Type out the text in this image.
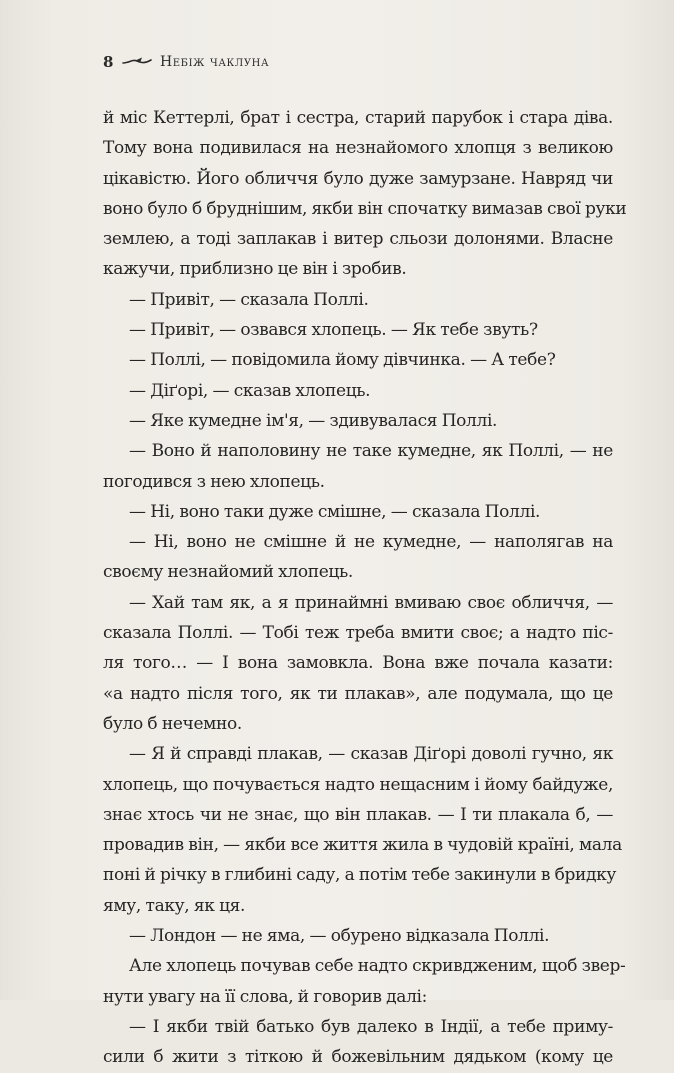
8	Небіж чаклуна
й міс Кеттерлі, брат і сестра, старий парубок і стара діва.
Тому вона подивилася на незнайомого хлопця з великою
цікавістю. Його обличчя було дуже замурзане. Навряд чи
воно було б бруднішим, якби він спочатку вимазав свої руки
землею, а тоді заплакав і витер сльози долонями. Власне
кажучи, приблизно це він і зробив.
— Привіт, — сказала Поллі.
— Привіт, — озвався хлопець. — Як тебе звуть?
— Поллі, — повідомила йому дівчинка. — А тебе?
— Діґорі, — сказав хлопець.
— Яке кумедне ім'я, — здивувалася Поллі.
— Воно й наполовину не таке кумедне, як Поллі, — не
погодився з нею хлопець.
— Ні, воно таки дуже смішне, — сказала Поллі.
— Ні, воно не смішне й не кумедне, — наполягав на
своєму незнайомий хлопець.
— Хай там як, а я принаймні вмиваю своє обличчя, —
сказала Поллі. — Тобі теж треба вмити своє; а надто піс-
ля того… — І вона замовкла. Вона вже почала казати:
«а надто після того, як ти плакав», але подумала, що це
було б нечемно.
— Я й справді плакав, — сказав Діґорі доволі гучно, як
хлопець, що почувається надто нещасним і йому байдуже,
знає хтось чи не знає, що він плакав. — І ти плакала б, —
провадив він, — якби все життя жила в чудовій країні, мала
поні й річку в глибині саду, а потім тебе закинули в бридку
яму, таку, як ця.
— Лондон — не яма, — обурено відказала Поллі.
Але хлопець почував себе надто скривдженим, щоб звер-
нути увагу на її слова, й говорив далі:
— І якби твій батько був далеко в Індії, а тебе приму-
сили б жити з тіткою й божевільним дядьком (кому це
